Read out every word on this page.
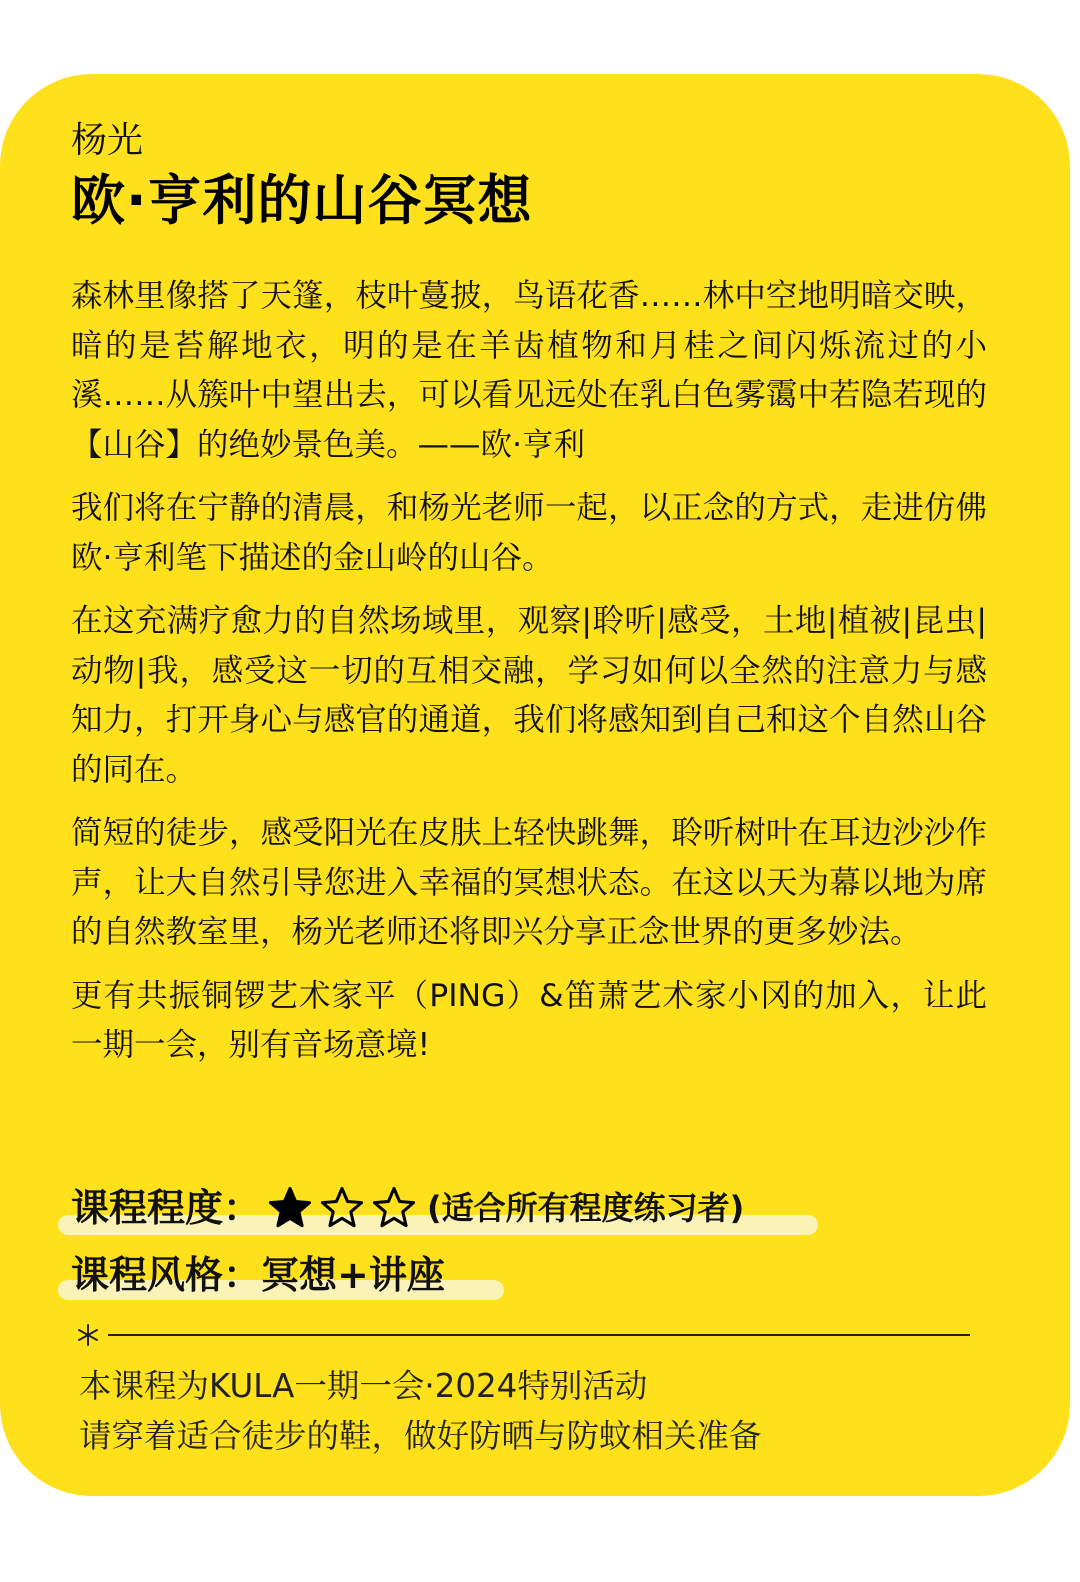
杨光
欧·亨利的山谷冥想

森林里像搭了天篷，枝叶蔓披，鸟语花香……林中空地明暗交映，暗的是苔解地衣，明的是在羊齿植物和月桂之间闪烁流过的小溪……从簇叶中望出去，可以看见远处在乳白色雾霭中若隐若现的【山谷】的绝妙景色美。——欧·亨利

我们将在宁静的清晨，和杨光老师一起，以正念的方式，走进仿佛欧·亨利笔下描述的金山岭的山谷。

在这充满疗愈力的自然场域里，观察|聆听|感受，土地|植被|昆虫|动物|我，感受这一切的互相交融，学习如何以全然的注意力与感知力，打开身心与感官的通道，我们将感知到自己和这个自然山谷的同在。

简短的徒步，感受阳光在皮肤上轻快跳舞，聆听树叶在耳边沙沙作声，让大自然引导您进入幸福的冥想状态。在这以天为幕以地为席的自然教室里，杨光老师还将即兴分享正念世界的更多妙法。

更有共振铜锣艺术家平（PING）&笛萧艺术家小冈的加入，让此一期一会，别有音场意境!

课程程度：	(适合所有程度练习者)
课程风格： 冥想+讲座
本课程为KULA一期一会·2024特别活动
请穿着适合徒步的鞋，做好防晒与防蚊相关准备
